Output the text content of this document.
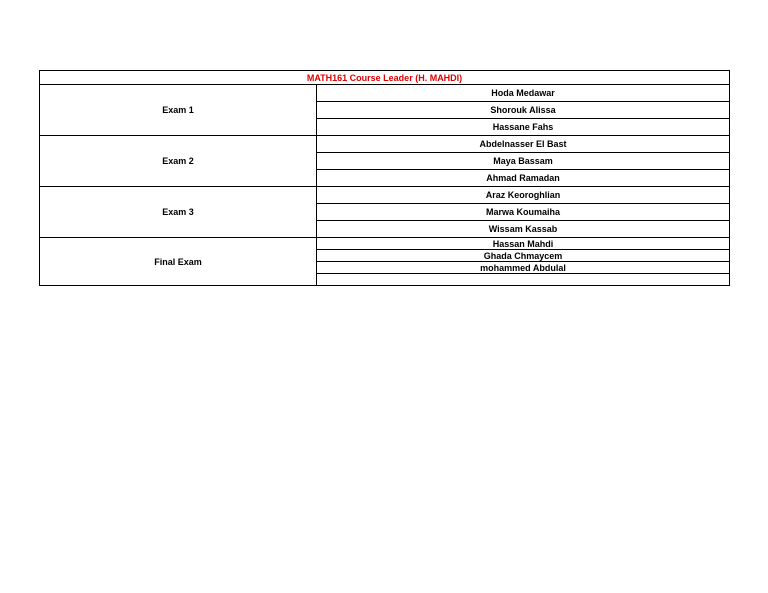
MATH161 Course Leader (H. MAHDI)	
Exam 1	Hoda Medawar
	Shorouk Alissa
	Hassane Fahs
Exam 2	Abdelnasser El Bast
	Maya Bassam
	Ahmad Ramadan
Exam 3	Araz Keoroghlian
	Marwa Koumaiha
	Wissam Kassab
Final Exam	Hassan Mahdi
	Ghada Chmaycem
	mohammed Abdulal
